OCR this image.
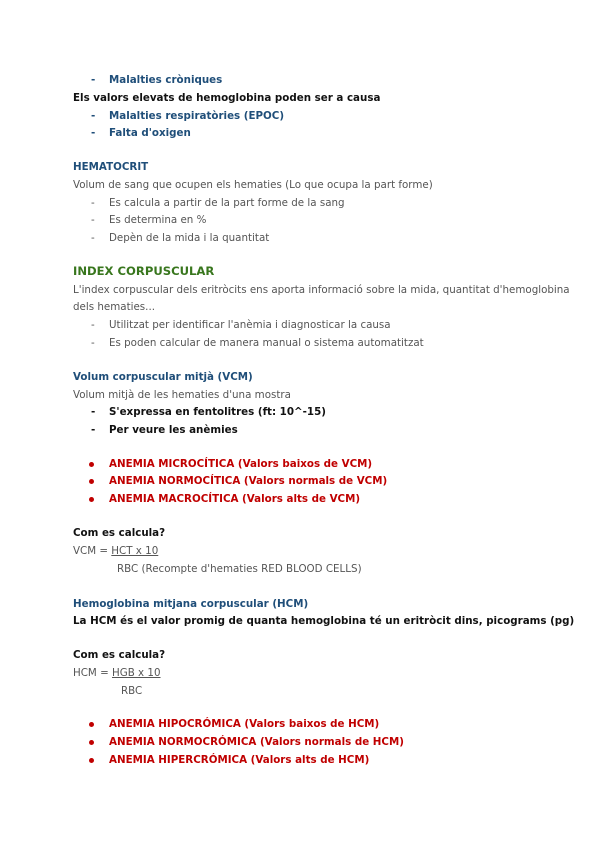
- Malalties cròniques
Els valors elevats de hemoglobina poden ser a causa
- Malalties respiratòries (EPOC)
- Falta d'oxigen
HEMATOCRIT
Volum de sang que ocupen els hematies (Lo que ocupa la part forme)
- Es calcula a partir de la part forme de la sang
- Es determina en %
- Depèn de la mida i la quantitat
INDEX CORPUSCULAR
L'index corpuscular dels eritròcits ens aporta informació sobre la mida, quantitat d'hemoglobina
dels hematies...
- Utilitzat per identificar l'anèmia i diagnosticar la causa
- Es poden calcular de manera manual o sistema automatitzat
Volum corpuscular mitjà (VCM)
Volum mitjà de les hematies d'una mostra
- S'expressa en fentolitres (ft: 10^-15)
- Per veure les anèmies
ANEMIA MICROCÍTICA (Valors baixos de VCM)
ANEMIA NORMOCÍTICA (Valors normals de VCM)
ANEMIA MACROCÍTICA (Valors alts de VCM)
Com es calcula?
VCM = HCT x 10
RBC (Recompte d'hematies RED BLOOD CELLS)
Hemoglobina mitjana corpuscular (HCM)
La HCM és el valor promig de quanta hemoglobina té un eritròcit dins, picograms (pg)
Com es calcula?
HCM = HGB x 10
RBC
ANEMIA HIPOCRÓMICA (Valors baixos de HCM)
ANEMIA NORMOCRÓMICA (Valors normals de HCM)
ANEMIA HIPERCRÓMICA (Valors alts de HCM)
